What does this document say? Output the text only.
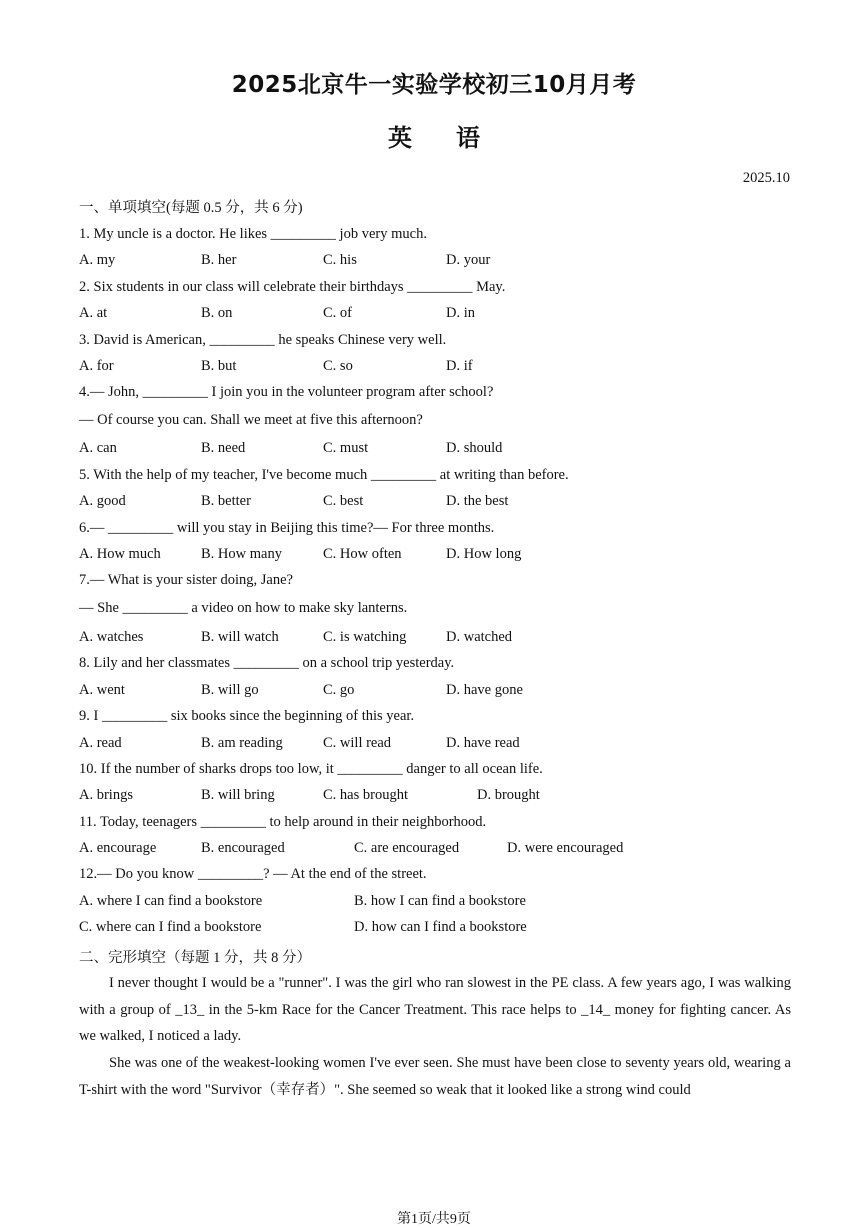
2025北京牛一实验学校初三10月月考
英 语
2025.10
一、单项填空(每题 0.5 分，共 6 分)
1. My uncle is a doctor. He likes _________ job very much.
A. my	B. her	C. his	D. your
2. Six students in our class will celebrate their birthdays _________ May.
A. at	B. on	C. of	D. in
3. David is American, _________ he speaks Chinese very well.
A. for	B. but	C. so	D. if
4.— John, _________ I join you in the volunteer program after school?
— Of course you can. Shall we meet at five this afternoon?
A. can	B. need	C. must	D. should
5. With the help of my teacher, I've become much _________ at writing than before.
A. good	B. better	C. best	D. the best
6.— _________ will you stay in Beijing this time?— For three months.
A. How much	B. How many	C. How often	D. How long
7.— What is your sister doing, Jane?
— She _________ a video on how to make sky lanterns.
A. watches	B. will watch	C. is watching	D. watched
8. Lily and her classmates _________ on a school trip yesterday.
A. went	B. will go	C. go	D. have gone
9. I _________ six books since the beginning of this year.
A. read	B. am reading	C. will read	D. have read
10. If the number of sharks drops too low, it _________ danger to all ocean life.
A. brings	B. will bring	C. has brought	D. brought
11. Today, teenagers _________ to help around in their neighborhood.
A. encourage	B. encouraged	C. are encouraged	D. were encouraged
12.— Do you know _________? — At the end of the street.
A. where I can find a bookstore	B. how I can find a bookstore
C. where can I find a bookstore	D. how can I find a bookstore
二、完形填空（每题 1 分，共 8 分）
I never thought I would be a "runner". I was the girl who ran slowest in the PE class. A few years ago, I was walking with a group of _13_ in the 5-km Race for the Cancer Treatment. This race helps to _14_ money for fighting cancer. As we walked, I noticed a lady.
She was one of the weakest-looking women I've ever seen. She must have been close to seventy years old, wearing a T-shirt with the word "Survivor（幸存者）". She seemed so weak that it looked like a strong wind could
第1页/共9页
